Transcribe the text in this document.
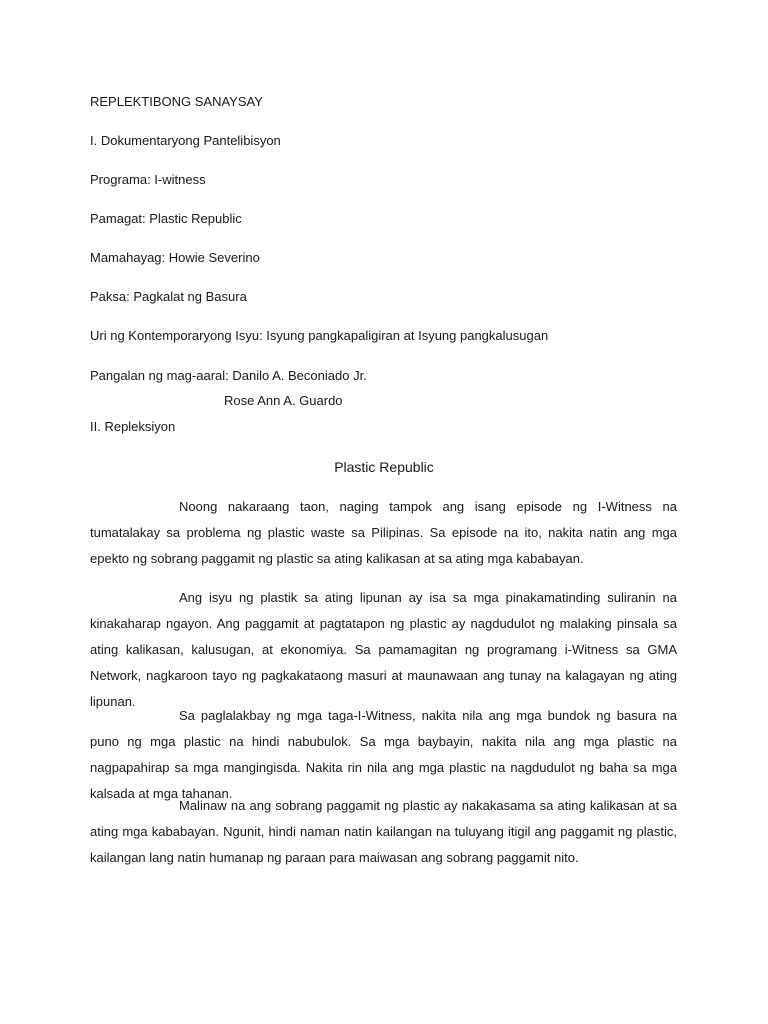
REPLEKTIBONG SANAYSAY
I. Dokumentaryong Pantelibisyon
Programa: I-witness
Pamagat: Plastic Republic
Mamahayag: Howie Severino
Paksa: Pagkalat ng Basura
Uri ng Kontemporaryong Isyu: Isyung pangkapaligiran at Isyung pangkalusugan
Pangalan ng mag-aaral: Danilo A. Beconiado Jr.
Rose Ann A. Guardo
II. Repleksiyon
Plastic Republic
Noong nakaraang taon, naging tampok ang isang episode ng I-Witness na tumatalakay sa problema ng plastic waste sa Pilipinas. Sa episode na ito, nakita natin ang mga epekto ng sobrang paggamit ng plastic sa ating kalikasan at sa ating mga kababayan.
Ang isyu ng plastik sa ating lipunan ay isa sa mga pinakamatinding suliranin na kinakaharap ngayon. Ang paggamit at pagtatapon ng plastic ay nagdudulot ng malaking pinsala sa ating kalikasan, kalusugan, at ekonomiya. Sa pamamagitan ng programang i-Witness sa GMA Network, nagkaroon tayo ng pagkakataong masuri at maunawaan ang tunay na kalagayan ng ating lipunan.
Sa paglalakbay ng mga taga-I-Witness, nakita nila ang mga bundok ng basura na puno ng mga plastic na hindi nabubulok. Sa mga baybayin, nakita nila ang mga plastic na nagpapahirap sa mga mangingisda. Nakita rin nila ang mga plastic na nagdudulot ng baha sa mga kalsada at mga tahanan.
Malinaw na ang sobrang paggamit ng plastic ay nakakasama sa ating kalikasan at sa ating mga kababayan. Ngunit, hindi naman natin kailangan na tuluyang itigil ang paggamit ng plastic, kailangan lang natin humanap ng paraan para maiwasan ang sobrang paggamit nito.
